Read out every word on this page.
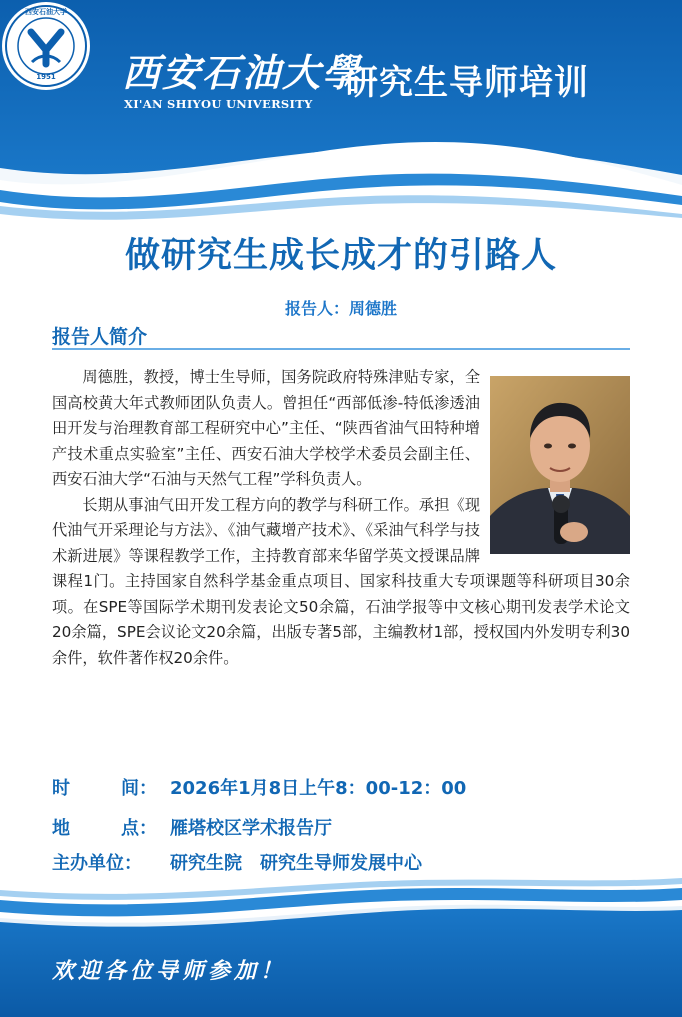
1951
西安石油大学
西安石油大學
XI'AN SHIYOU UNIVERSITY
研究生导师培训
做研究生成长成才的引路人
报告人：周德胜
报告人简介

周德胜，教授，博士生导师，国务院政府特殊津贴专家，全国高校黄大年式教师团队负责人。曾担任“西部低渗-特低渗透油田开发与治理教育部工程研究中心”主任、“陕西省油气田特种增产技术重点实验室”主任、西安石油大学校学术委员会副主任、西安石油大学“石油与天然气工程”学科负责人。

长期从事油气田开发工程方向的教学与科研工作。承担《现代油气开采理论与方法》、《油气藏增产技术》、《采油气科学与技术新进展》等课程教学工作，主持教育部来华留学英文授课品牌课程1门。主持国家自然科学基金重点项目、国家科技重大专项课题等科研项目30余项。在SPE等国际学术期刊发表论文50余篇，石油学报等中文核心期刊发表学术论文20余篇，SPE会议论文20余篇，出版专著5部，主编教材1部，授权国内外发明专利30余件，软件著作权20余件。

时	间： 2026年1月8日上午8：00-12：00
地	点： 雁塔校区学术报告厅
主办单位： 研究生院　研究生导师发展中心
欢迎各位导师参加！
